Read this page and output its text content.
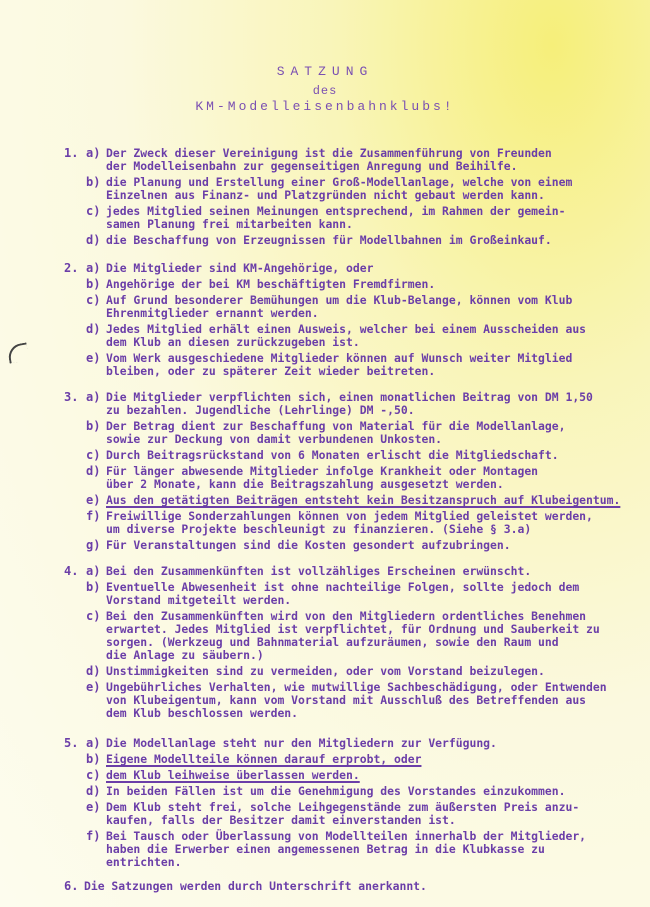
SATZUNG
des
KM-Modelleisenbahnklubs!
1. a) Der Zweck dieser Vereinigung ist die Zusammenführung von Freunden
der Modelleisenbahn zur gegenseitigen Anregung und Beihilfe.
b) die Planung und Erstellung einer Groß-Modellanlage, welche von einem
Einzelnen aus Finanz- und Platzgründen nicht gebaut werden kann.
c) jedes Mitglied seinen Meinungen entsprechend, im Rahmen der gemein-
samen Planung frei mitarbeiten kann.
d) die Beschaffung von Erzeugnissen für Modellbahnen im Großeinkauf.
2. a) Die Mitglieder sind KM-Angehörige, oder
b) Angehörige der bei KM beschäftigten Fremdfirmen.
c) Auf Grund besonderer Bemühungen um die Klub-Belange, können vom Klub
Ehrenmitglieder ernannt werden.
d) Jedes Mitglied erhält einen Ausweis, welcher bei einem Ausscheiden aus
dem Klub an diesen zurückzugeben ist.
e) Vom Werk ausgeschiedene Mitglieder können auf Wunsch weiter Mitglied
bleiben, oder zu späterer Zeit wieder beitreten.
3. a) Die Mitglieder verpflichten sich, einen monatlichen Beitrag von DM 1,50
zu bezahlen. Jugendliche (Lehrlinge) DM -,50.
b) Der Betrag dient zur Beschaffung von Material für die Modellanlage,
sowie zur Deckung von damit verbundenen Unkosten.
c) Durch Beitragsrückstand von 6 Monaten erlischt die Mitgliedschaft.
d) Für länger abwesende Mitglieder infolge Krankheit oder Montagen
über 2 Monate, kann die Beitragszahlung ausgesetzt werden.
e) Aus den getätigten Beiträgen entsteht kein Besitzanspruch auf Klubeigentum.
f) Freiwillige Sonderzahlungen können von jedem Mitglied geleistet werden,
um diverse Projekte beschleunigt zu finanzieren. (Siehe § 3.a)
g) Für Veranstaltungen sind die Kosten gesondert aufzubringen.
4. a) Bei den Zusammenkünften ist vollzähliges Erscheinen erwünscht.
b) Eventuelle Abwesenheit ist ohne nachteilige Folgen, sollte jedoch dem
Vorstand mitgeteilt werden.
c) Bei den Zusammenkünften wird von den Mitgliedern ordentliches Benehmen
erwartet. Jedes Mitglied ist verpflichtet, für Ordnung und Sauberkeit zu
sorgen. (Werkzeug und Bahnmaterial aufzuräumen, sowie den Raum und
die Anlage zu säubern.)
d) Unstimmigkeiten sind zu vermeiden, oder vom Vorstand beizulegen.
e) Ungebührliches Verhalten, wie mutwillige Sachbeschädigung, oder Entwenden
von Klubeigentum, kann vom Vorstand mit Ausschluß des Betreffenden aus
dem Klub beschlossen werden.
5. a) Die Modellanlage steht nur den Mitgliedern zur Verfügung.
b) Eigene Modellteile können darauf erprobt, oder
c) dem Klub leihweise überlassen werden.
d) In beiden Fällen ist um die Genehmigung des Vorstandes einzukommen.
e) Dem Klub steht frei, solche Leihgegenstände zum äußersten Preis anzu-
kaufen, falls der Besitzer damit einverstanden ist.
f) Bei Tausch oder Überlassung von Modellteilen innerhalb der Mitglieder,
haben die Erwerber einen angemessenen Betrag in die Klubkasse zu
entrichten.
6. Die Satzungen werden durch Unterschrift anerkannt.
